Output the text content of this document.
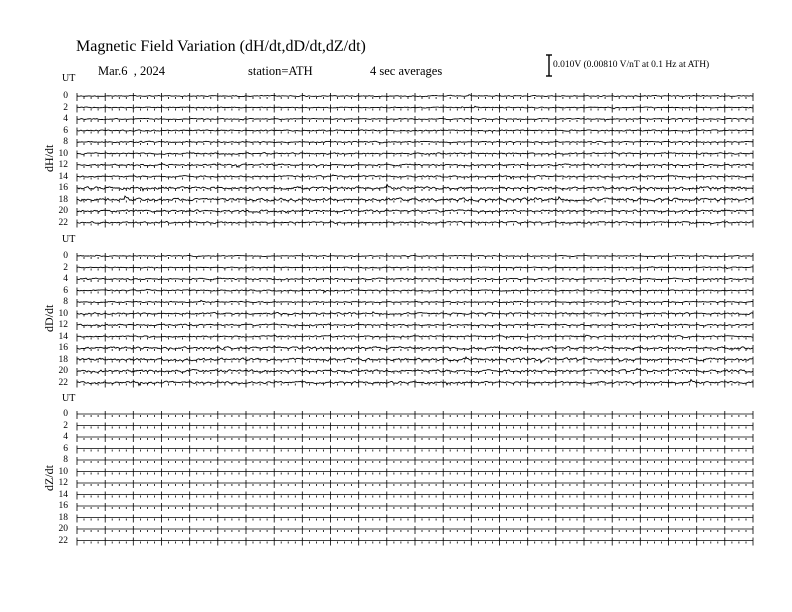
Magnetic Field Variation (dH/dt,dD/dt,dZ/dt)
Mar.6  , 2024	station=ATH	4 sec averages	0.010V (0.00810 V/nT at 0.1 Hz at ATH)
UT
dH/dt
0
2
4
6
8
10
12
14
16
18
20
22
UT
dD/dt
0
2
4
6
8
10
12
14
16
18
20
22
UT
dZ/dt
0
2
4
6
8
10
12
14
16
18
20
22
